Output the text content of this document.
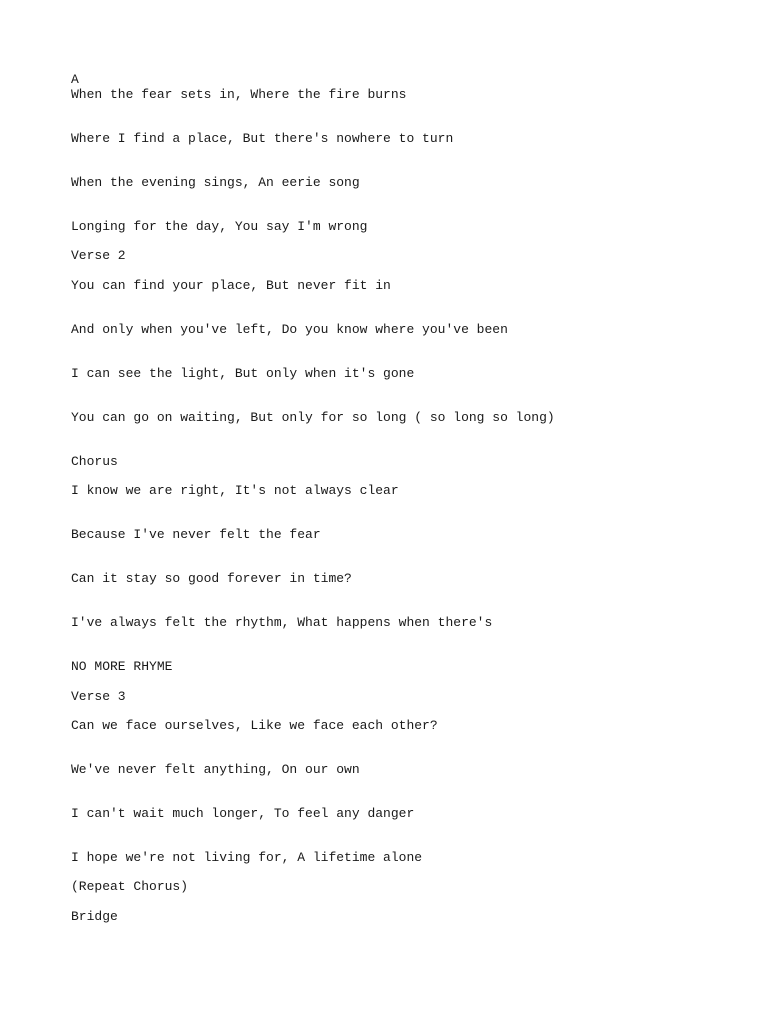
A

When the fear sets in, Where the fire burns

Where I find a place, But there's nowhere to turn

When the evening sings, An eerie song

Longing for the day, You say I'm wrong

Verse 2

You can find your place, But never fit in

And only when you've left, Do you know where you've been

I can see the light, But only when it's gone

You can go on waiting, But only for so long ( so long so long)

Chorus

I know we are right, It's not always clear

Because I've never felt the fear

Can it stay so good forever in time?

I've always felt the rhythm, What happens when there's

NO MORE RHYME

Verse 3

Can we face ourselves, Like we face each other?

We've never felt anything, On our own

I can't wait much longer, To feel any danger

I hope we're not living for, A lifetime alone

(Repeat Chorus)

Bridge
